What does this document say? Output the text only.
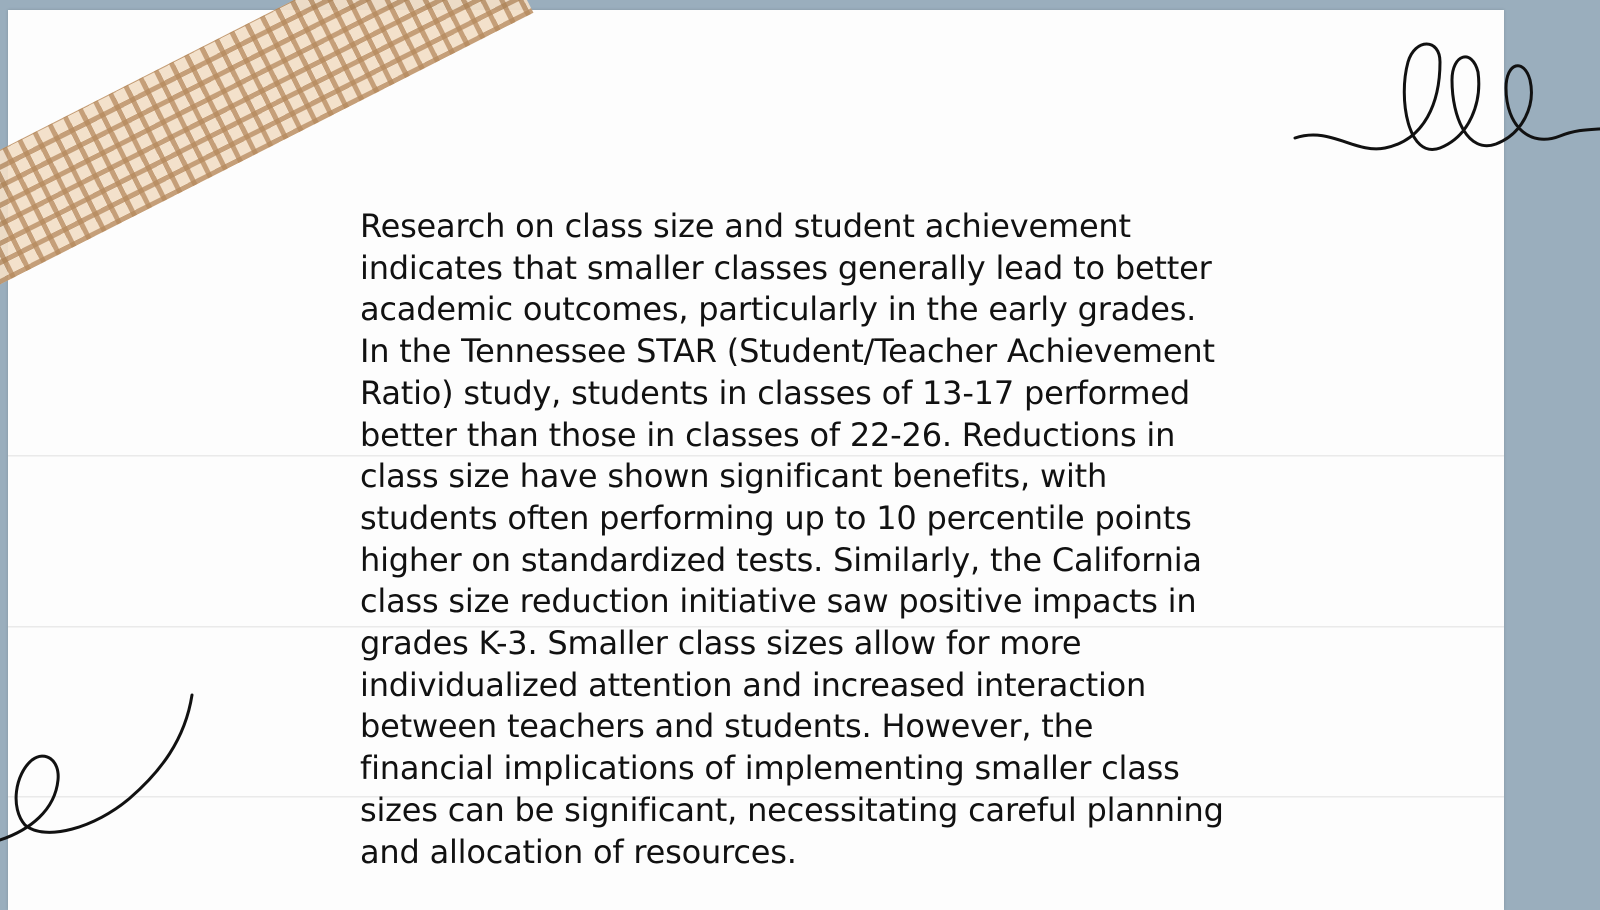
Research on class size and student achievement
indicates that smaller classes generally lead to better
academic outcomes, particularly in the early grades.
In the Tennessee STAR (Student/Teacher Achievement
Ratio) study, students in classes of 13-17 performed
better than those in classes of 22-26. Reductions in
class size have shown significant benefits, with
students often performing up to 10 percentile points
higher on standardized tests. Similarly, the California
class size reduction initiative saw positive impacts in
grades K-3. Smaller class sizes allow for more
individualized attention and increased interaction
between teachers and students. However, the
financial implications of implementing smaller class
sizes can be significant, necessitating careful planning
and allocation of resources.
